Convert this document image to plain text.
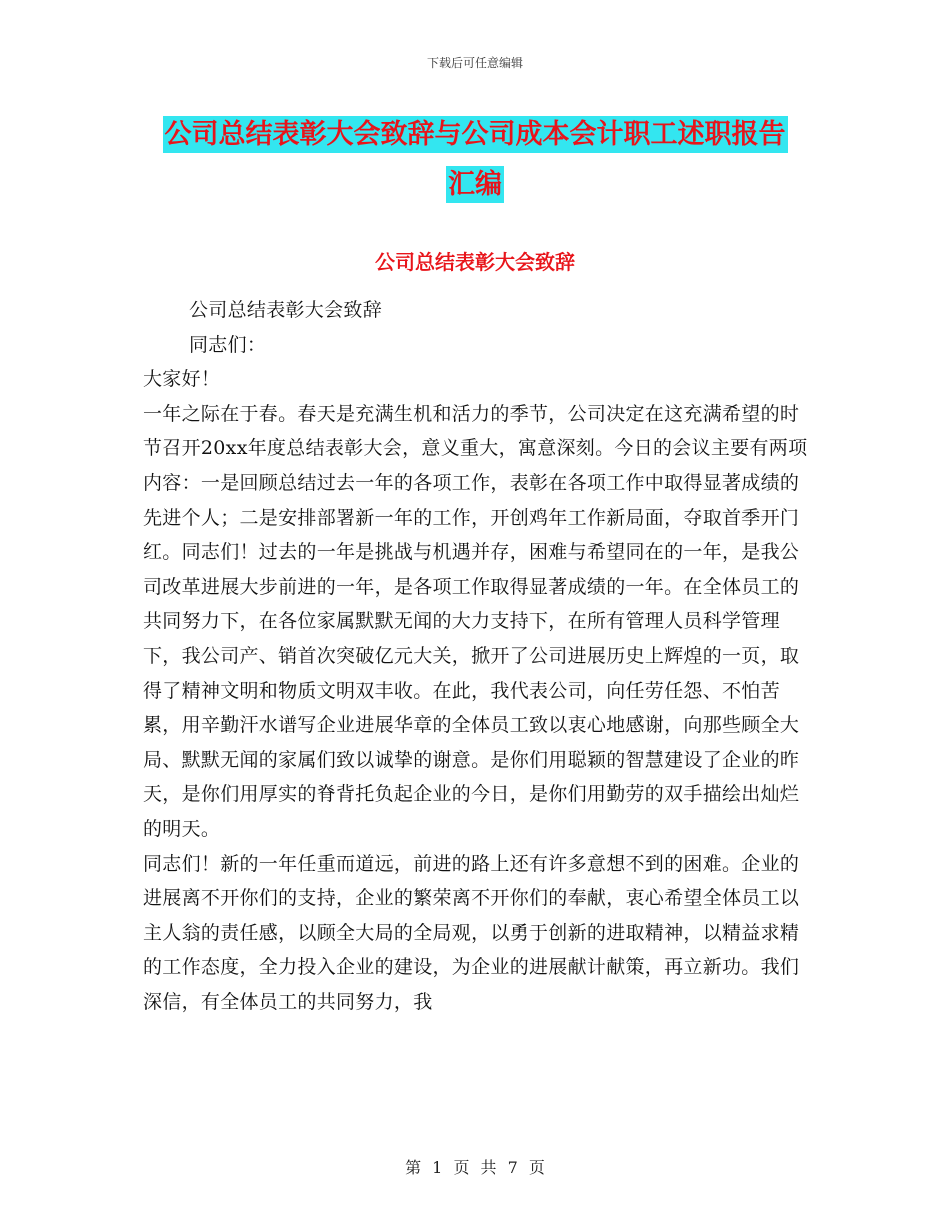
下载后可任意编辑
公司总结表彰大会致辞与公司成本会计职工述职报告
汇编
公司总结表彰大会致辞

公司总结表彰大会致辞

同志们：

大家好！

一年之际在于春。春天是充满生机和活力的季节，公司决定在这充满希望的时节召开20xx年度总结表彰大会，意义重大，寓意深刻。今日的会议主要有两项内容：一是回顾总结过去一年的各项工作，表彰在各项工作中取得显著成绩的先进个人；二是安排部署新一年的工作，开创鸡年工作新局面，夺取首季开门红。同志们！过去的一年是挑战与机遇并存，困难与希望同在的一年，是我公司改革进展大步前进的一年，是各项工作取得显著成绩的一年。在全体员工的共同努力下，在各位家属默默无闻的大力支持下，在所有管理人员科学管理下，我公司产、销首次突破亿元大关，掀开了公司进展历史上辉煌的一页，取得了精神文明和物质文明双丰收。在此，我代表公司，向任劳任怨、不怕苦累，用辛勤汗水谱写企业进展华章的全体员工致以衷心地感谢，向那些顾全大局、默默无闻的家属们致以诚挚的谢意。是你们用聪颖的智慧建设了企业的昨天，是你们用厚实的脊背托负起企业的今日，是你们用勤劳的双手描绘出灿烂的明天。

同志们！新的一年任重而道远，前进的路上还有许多意想不到的困难。企业的进展离不开你们的支持，企业的繁荣离不开你们的奉献，衷心希望全体员工以主人翁的责任感，以顾全大局的全局观，以勇于创新的进取精神，以精益求精的工作态度，全力投入企业的建设，为企业的进展献计献策，再立新功。我们深信，有全体员工的共同努力，我

第 1 页 共 7 页
